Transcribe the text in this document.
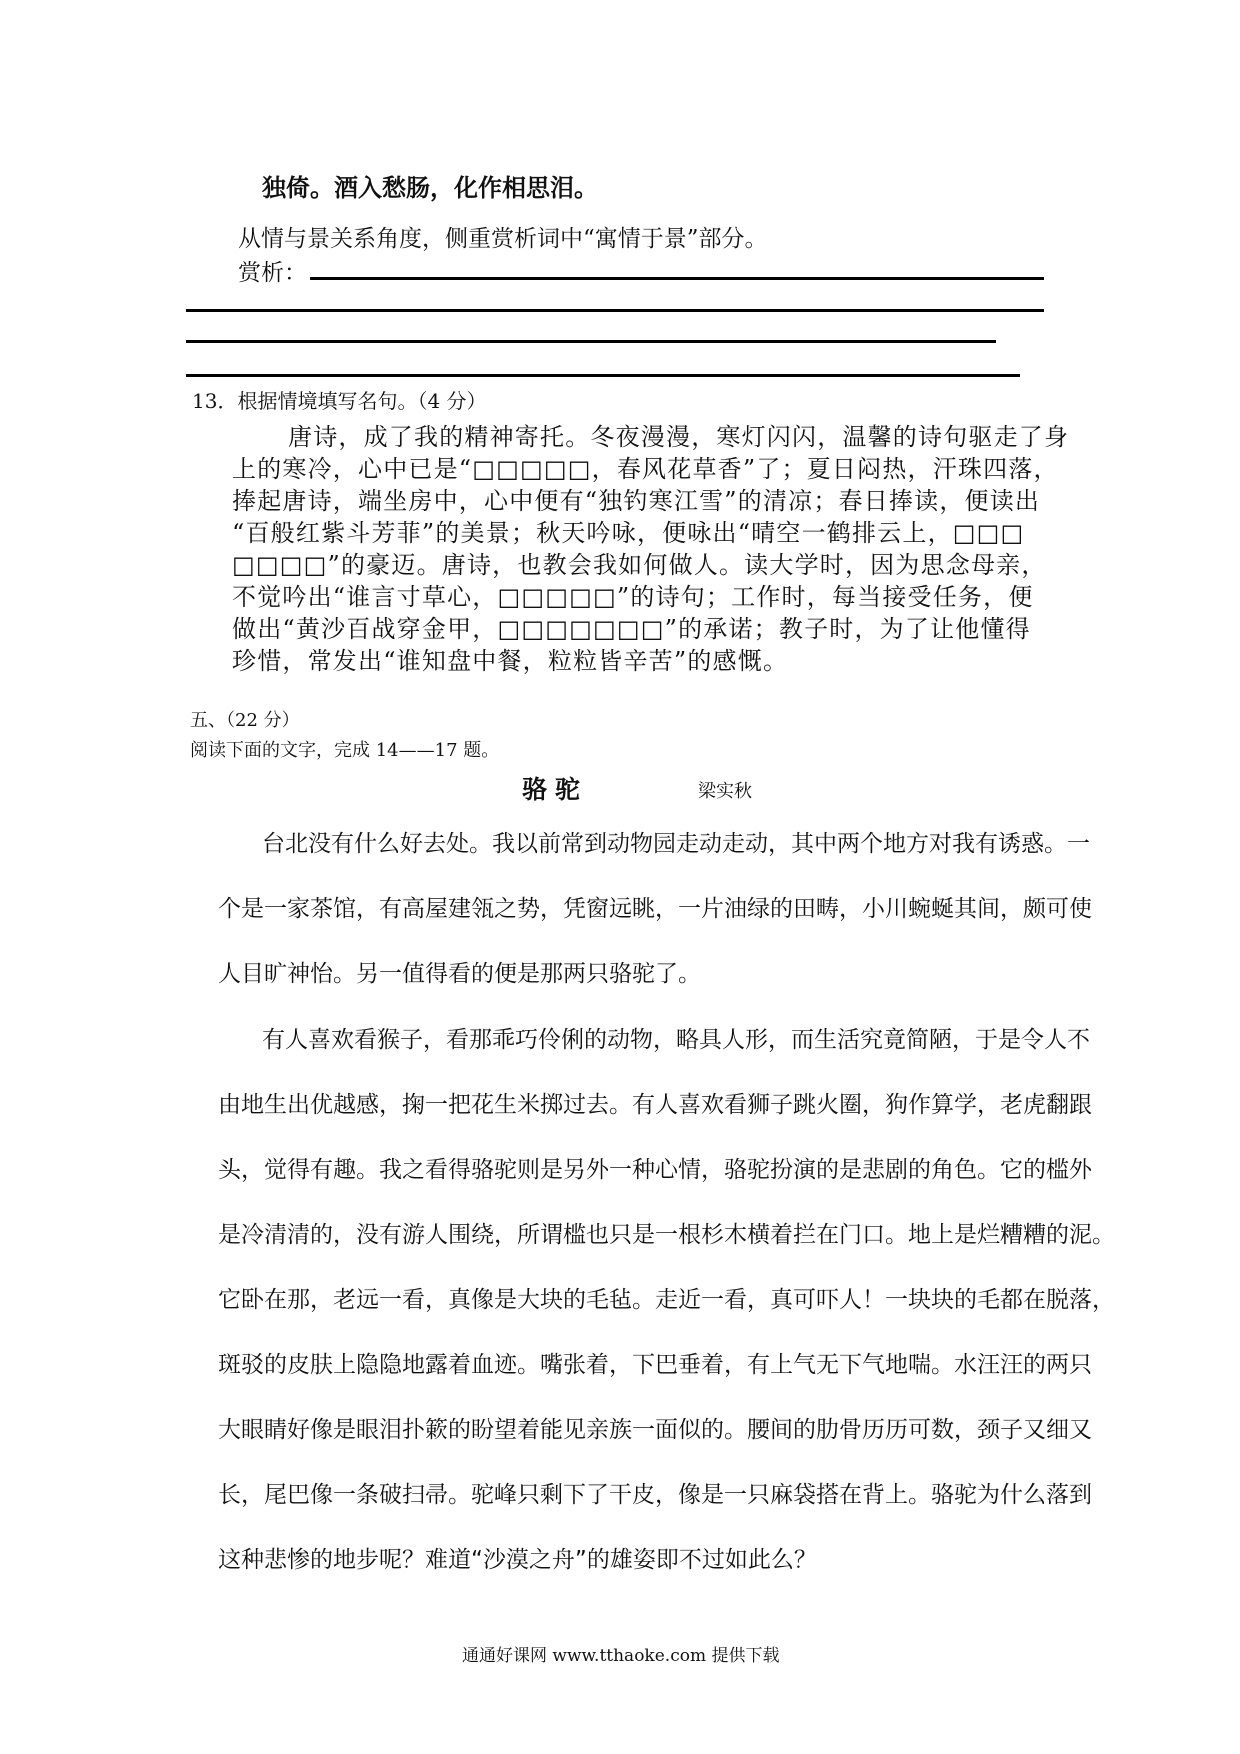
独倚。酒入愁肠，化作相思泪。
从情与景关系角度，侧重赏析词中“寓情于景”部分。
赏析：
13．根据情境填写名句。（4 分）
唐诗，成了我的精神寄托。冬夜漫漫，寒灯闪闪，温馨的诗句驱走了身
上的寒冷，心中已是“□□□□□，春风花草香”了；夏日闷热，汗珠四落，
捧起唐诗，端坐房中，心中便有“独钓寒江雪”的清凉；春日捧读，便读出
“百般红紫斗芳菲”的美景；秋天吟咏，便咏出“晴空一鹤排云上，□□□
□□□□”的豪迈。唐诗，也教会我如何做人。读大学时，因为思念母亲，
不觉吟出“谁言寸草心，□□□□□”的诗句；工作时，每当接受任务，便
做出“黄沙百战穿金甲，□□□□□□□”的承诺；教子时，为了让他懂得
珍惜，常发出“谁知盘中餐，粒粒皆辛苦”的感慨。
五、（22 分）
阅读下面的文字，完成 14——17 题。
骆驼	梁实秋
台北没有什么好去处。我以前常到动物园走动走动，其中两个地方对我有诱惑。一
个是一家茶馆，有高屋建瓴之势，凭窗远眺，一片油绿的田畴，小川蜿蜒其间，颇可使
人目旷神怡。另一值得看的便是那两只骆驼了。
有人喜欢看猴子，看那乖巧伶俐的动物，略具人形，而生活究竟简陋，于是令人不
由地生出优越感，掬一把花生米掷过去。有人喜欢看狮子跳火圈，狗作算学，老虎翻跟
头，觉得有趣。我之看得骆驼则是另外一种心情，骆驼扮演的是悲剧的角色。它的槛外
是冷清清的，没有游人围绕，所谓槛也只是一根杉木横着拦在门口。地上是烂糟糟的泥。
它卧在那，老远一看，真像是大块的毛毡。走近一看，真可吓人！一块块的毛都在脱落，
斑驳的皮肤上隐隐地露着血迹。嘴张着，下巴垂着，有上气无下气地喘。水汪汪的两只
大眼睛好像是眼泪扑簌的盼望着能见亲族一面似的。腰间的肋骨历历可数，颈子又细又
长，尾巴像一条破扫帚。驼峰只剩下了干皮，像是一只麻袋搭在背上。骆驼为什么落到
这种悲惨的地步呢？难道“沙漠之舟”的雄姿即不过如此么？
通通好课网 www.tthaoke.com 提供下载
